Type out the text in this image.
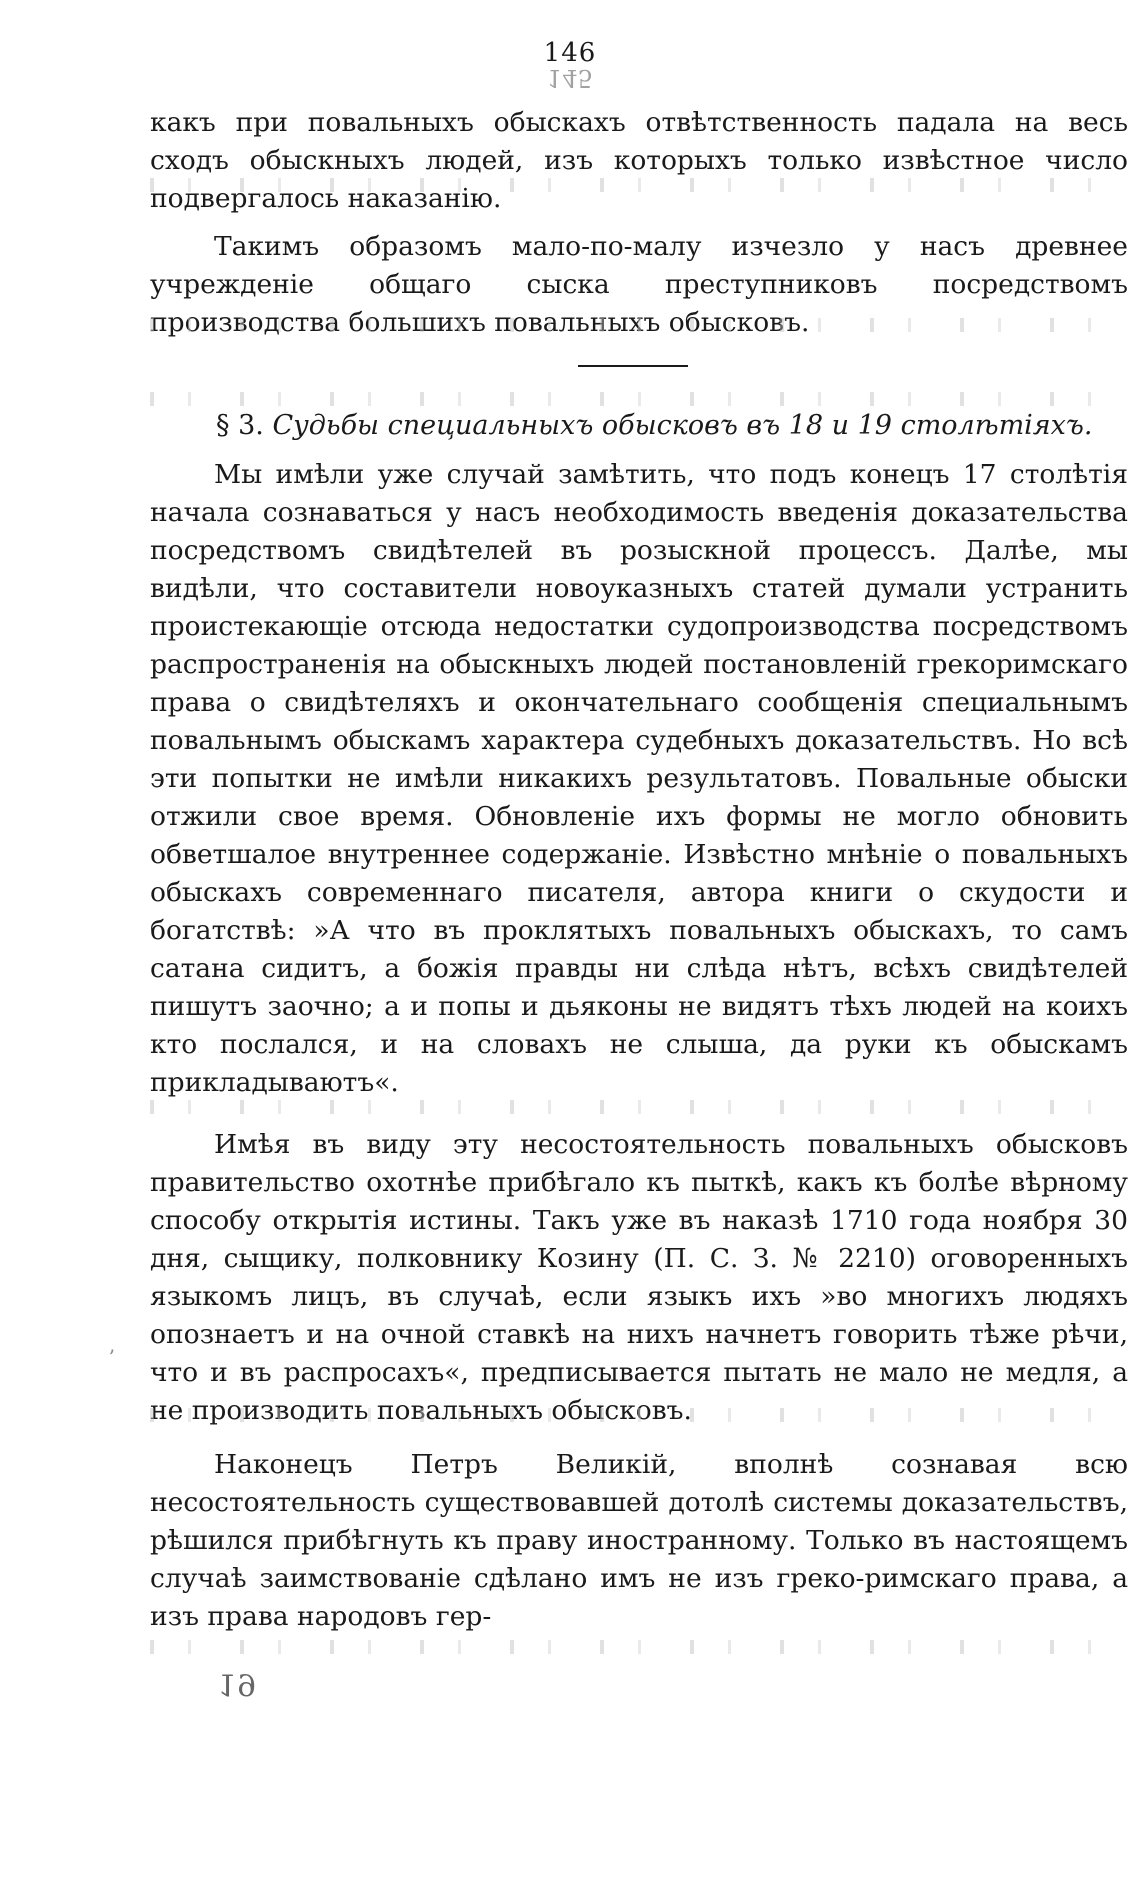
146
145

какъ при повальныхъ обыскахъ отвѣтственность падала на весь сходъ обыскныхъ людей, изъ которыхъ только извѣстное число подвергалось наказанію.

Такимъ образомъ мало-по-малу изчезло у насъ древнее учрежденіе общаго сыска преступниковъ посредствомъ производства большихъ повальныхъ обысковъ.

§ 3. Судьбы специальныхъ обысковъ въ 18 и 19 столѣтіяхъ.

Мы имѣли уже случай замѣтить, что подъ конецъ 17 столѣтія начала сознаваться у насъ необходимость введенія доказательства посредствомъ свидѣтелей въ розыскной процессъ. Далѣе, мы видѣли, что составители новоуказныхъ статей думали устранить проистекающіе отсюда недостатки судопроизводства посредствомъ распространенія на обыскныхъ людей постановленій грекоримскаго права о свидѣтеляхъ и окончательнаго сообщенія специальнымъ повальнымъ обыскамъ характера судебныхъ доказательствъ. Но всѣ эти попытки не имѣли никакихъ результатовъ. Повальные обыски отжили свое время. Обновленіе ихъ формы не могло обновить обветшалое внутреннее содержаніе. Извѣстно мнѣніе о повальныхъ обыскахъ современнаго писателя, автора книги о скудости и богатствѣ: »А что въ проклятыхъ повальныхъ обыскахъ, то самъ сатана сидитъ, а божія правды ни слѣда нѣтъ, всѣхъ свидѣтелей пишутъ заочно; а и попы и дьяконы не видятъ тѣхъ людей на коихъ кто послался, и на словахъ не слыша, да руки къ обыскамъ прикладываютъ«.

Имѣя въ виду эту несостоятельность повальныхъ обысковъ правительство охотнѣе прибѣгало къ пыткѣ, какъ къ болѣе вѣрному способу открытія истины. Такъ уже въ наказѣ 1710 года ноября 30 дня, сыщику, полковнику Козину (П. С. З. № 2210) оговоренныхъ языкомъ лицъ, въ случаѣ, если языкъ ихъ »во многихъ людяхъ опознаетъ и на очной ставкѣ на нихъ начнетъ говорить тѣже рѣчи, что и въ распросахъ«, предписывается пытать не мало не медля, а не производить повальныхъ обысковъ.

Наконецъ Петръ Великій, вполнѣ сознавая всю несостоятельность существовавшей дотолѣ системы доказательствъ, рѣшился прибѣгнуть къ праву иностранному. Только въ настоящемъ случаѣ заимствованіе сдѣлано имъ не изъ греко-римскаго права, а изъ права народовъ гер-

ʼ
19
